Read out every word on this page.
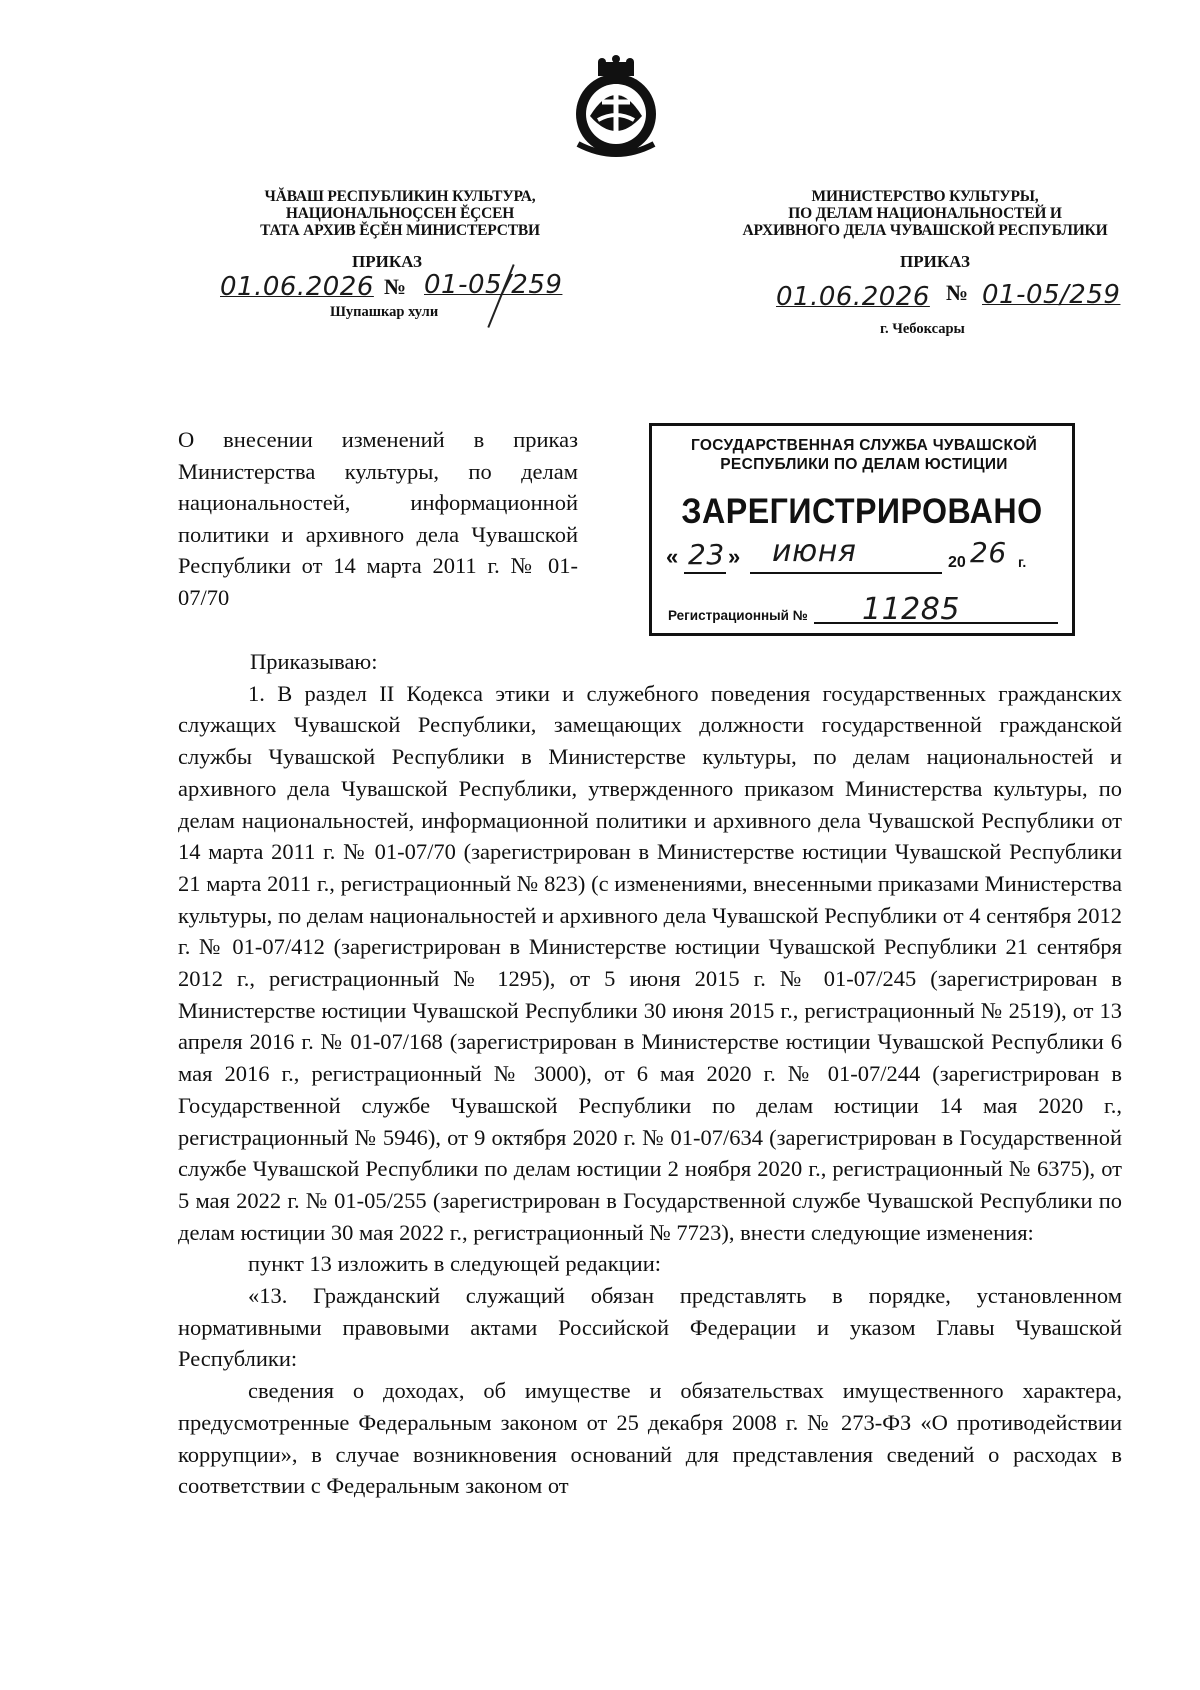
ЧĂВАШ РЕСПУБЛИКИН КУЛЬТУРА,
НАЦИОНАЛЬНОҪСЕН ĔҪСЕН
ТАТА АРХИВ ĔҪĔН МИНИСТЕРСТВИ
МИНИСТЕРСТВО КУЛЬТУРЫ,
ПО ДЕЛАМ НАЦИОНАЛЬНОСТЕЙ И
АРХИВНОГО ДЕЛА ЧУВАШСКОЙ РЕСПУБЛИКИ
ПРИКАЗ	ПРИКАЗ
01.06.2026 № 01-05/259
Шупашкар хули	01.06.2026 № 01-05/259
г. Чебоксары
О внесении изменений в приказ Министерства культуры, по делам национальностей, информационной политики и архивного дела Чувашской Республики от 14 марта 2011 г. № 01-07/70
ГОСУДАРСТВЕННАЯ СЛУЖБА ЧУВАШСКОЙ
РЕСПУБЛИКИ ПО ДЕЛАМ ЮСТИЦИИ
ЗАРЕГИСТРИРОВАНО
« 23 » июня	20 26 г.
Регистрационный № 11285

Приказываю:

1. В раздел II Кодекса этики и служебного поведения государственных гражданских служащих Чувашской Республики, замещающих должности государственной гражданской службы Чувашской Республики в Министерстве культуры, по делам национальностей и архивного дела Чувашской Республики, утвержденного приказом Министерства культуры, по делам национальностей, информационной политики и архивного дела Чувашской Республики от 14 марта 2011 г. № 01-07/70 (зарегистрирован в Министерстве юстиции Чувашской Республики 21 марта 2011 г., регистрационный № 823) (с изменениями, внесенными приказами Министерства культуры, по делам национальностей и архивного дела Чувашской Республики от 4 сентября 2012 г. № 01-07/412 (зарегистрирован в Министерстве юстиции Чувашской Республики 21 сентября 2012 г., регистрационный № 1295), от 5 июня 2015 г. № 01-07/245 (зарегистрирован в Министерстве юстиции Чувашской Республики 30 июня 2015 г., регистрационный № 2519), от 13 апреля 2016 г. № 01-07/168 (зарегистрирован в Министерстве юстиции Чувашской Республики 6 мая 2016 г., регистрационный № 3000), от 6 мая 2020 г. № 01-07/244 (зарегистрирован в Государственной службе Чувашской Республики по делам юстиции 14 мая 2020 г., регистрационный № 5946), от 9 октября 2020 г. № 01-07/634 (зарегистрирован в Государственной службе Чувашской Республики по делам юстиции 2 ноября 2020 г., регистрационный № 6375), от 5 мая 2022 г. № 01-05/255 (зарегистрирован в Государственной службе Чувашской Республики по делам юстиции 30 мая 2022 г., регистрационный № 7723), внести следующие изменения:

пункт 13 изложить в следующей редакции:

«13. Гражданский служащий обязан представлять в порядке, установленном нормативными правовыми актами Российской Федерации и указом Главы Чувашской Республики:

сведения о доходах, об имуществе и обязательствах имущественного характера, предусмотренные Федеральным законом от 25 декабря 2008 г. № 273-ФЗ «О противодействии коррупции», в случае возникновения оснований для представления сведений о расходах в соответствии с Федеральным законом от
